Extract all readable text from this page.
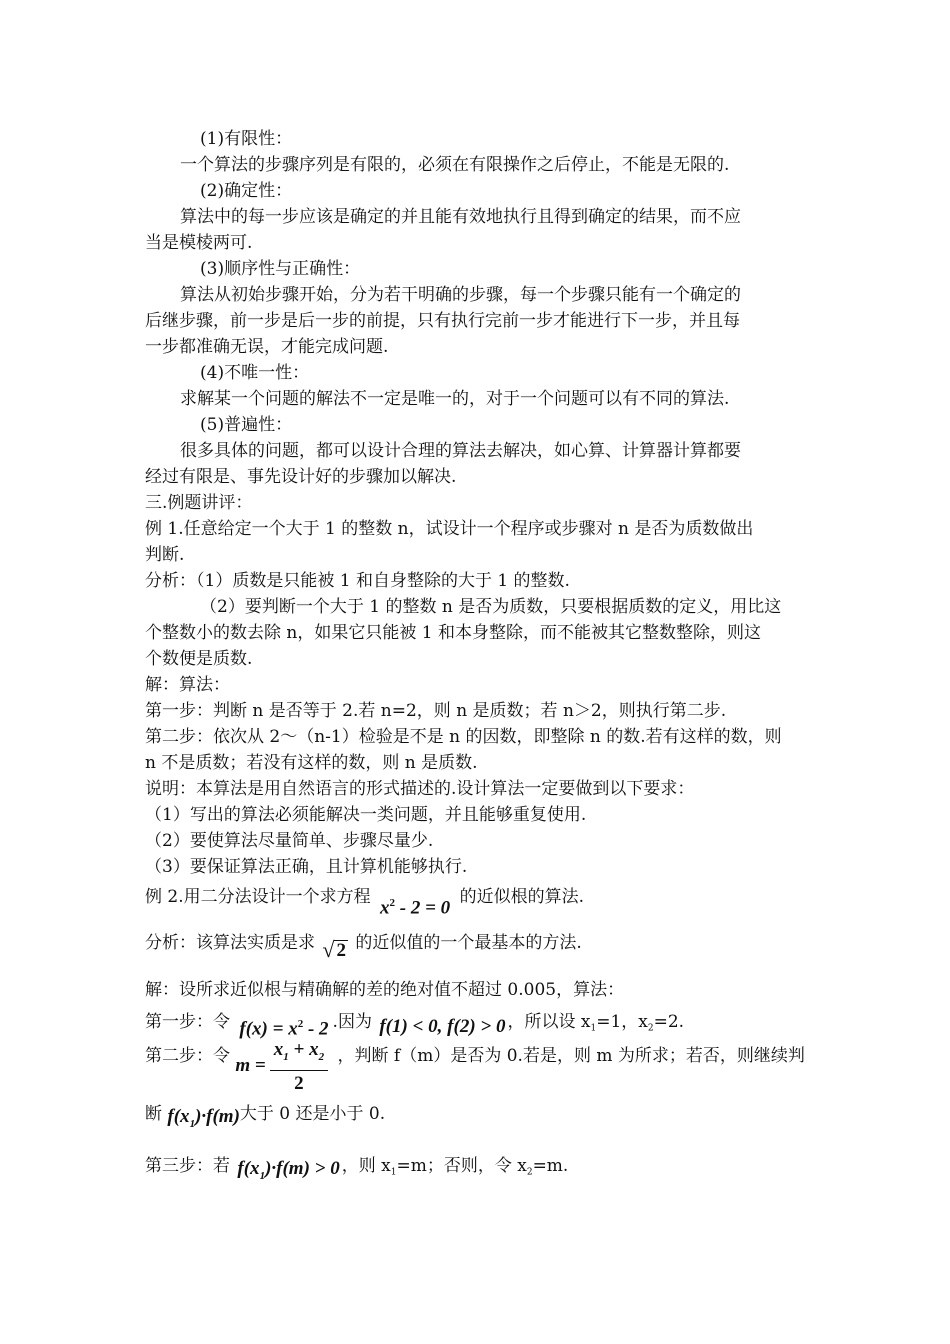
(1)有限性：
一个算法的步骤序列是有限的，必须在有限操作之后停止，不能是无限的.
(2)确定性：
算法中的每一步应该是确定的并且能有效地执行且得到确定的结果，而不应
当是模棱两可.
(3)顺序性与正确性：
算法从初始步骤开始，分为若干明确的步骤，每一个步骤只能有一个确定的
后继步骤，前一步是后一步的前提，只有执行完前一步才能进行下一步，并且每
一步都准确无误，才能完成问题.
(4)不唯一性：
求解某一个问题的解法不一定是唯一的，对于一个问题可以有不同的算法.
(5)普遍性：
很多具体的问题，都可以设计合理的算法去解决，如心算、计算器计算都要
经过有限是、事先设计好的步骤加以解决.
三.例题讲评：
例 1.任意给定一个大于 1 的整数 n，试设计一个程序或步骤对 n 是否为质数做出
判断.
分析：（1）质数是只能被 1 和自身整除的大于 1 的整数.
（2）要判断一个大于 1 的整数 n 是否为质数，只要根据质数的定义，用比这
个整数小的数去除 n，如果它只能被 1 和本身整除，而不能被其它整数整除，则这
个数便是质数.
解：算法：
第一步：判断 n 是否等于 2.若 n=2，则 n 是质数；若 n＞2，则执行第二步.
第二步：依次从 2～（n-1）检验是不是 n 的因数，即整除 n 的数.若有这样的数，则
n 不是质数；若没有这样的数，则 n 是质数.
说明：本算法是用自然语言的形式描述的.设计算法一定要做到以下要求：
（1）写出的算法必须能解决一类问题，并且能够重复使用.
（2）要使算法尽量简单、步骤尽量少.
（3）要保证算法正确，且计算机能够执行.
例 2.用二分法设计一个求方程 $x^2 - 2 = 0$ 的近似根的算法.
分析：该算法实质是求 √ 2 的近似值的一个最基本的方法.
解：设所求近似根与精确解的差的绝对值不超过 0.005，算法：
第一步：令 $f(x) = x^2 - 2$ .因为 f(1) < 0, f(2) > 0 ，所以设 $x_1=1$，$x_2=2$.
第二步：令 $m = \frac{x_1 + x_2}{2}$ ，判断 f（m）是否为 0.若是，则 m 为所求；若否，则继续判
断 $f(x_1)\cdot f(m)$大于 0 还是小于 0.
第三步：若 $f(x_1)\cdot f(m) > 0$ ，则 $x_1=m$；否则，令 $x_2=m$.
